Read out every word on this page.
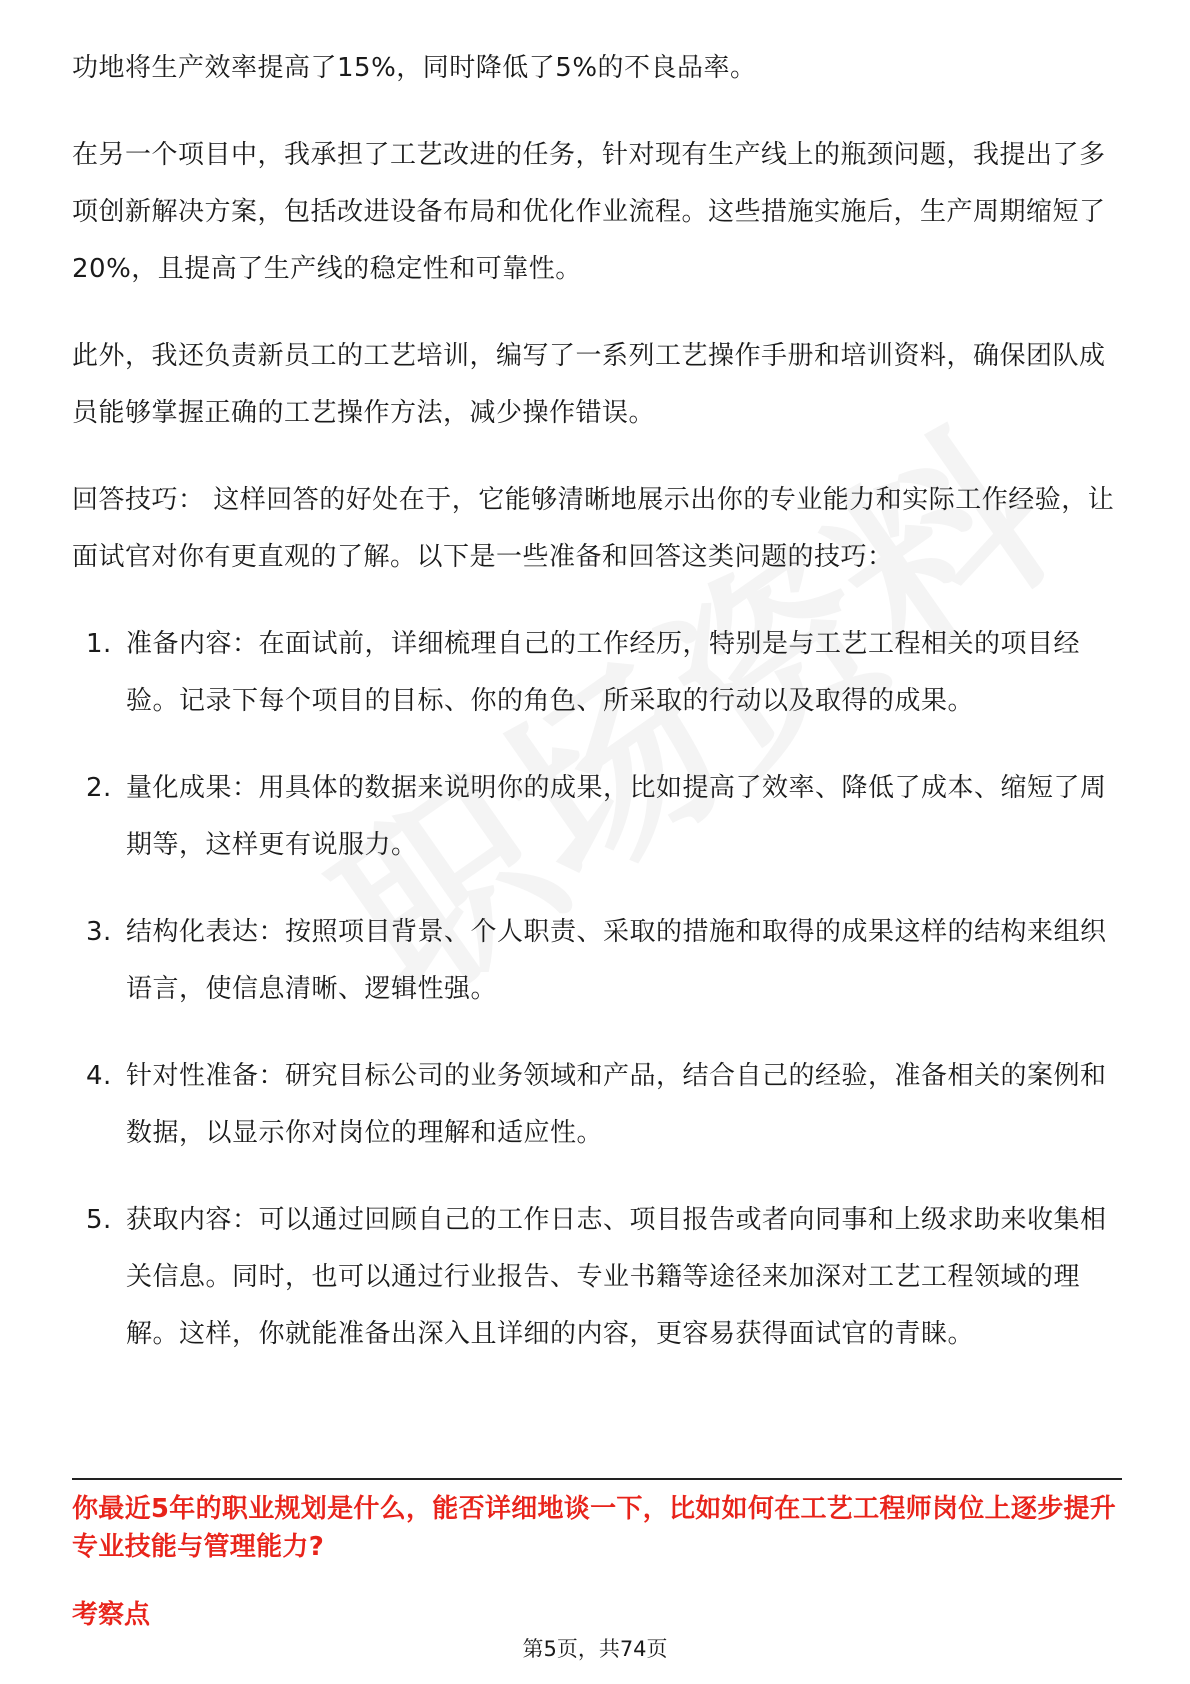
功地将生产效率提高了15%，同时降低了5%的不良品率。

在另一个项目中，我承担了工艺改进的任务，针对现有生产线上的瓶颈问题，我提出了多项创新解决方案，包括改进设备布局和优化作业流程。这些措施实施后，生产周期缩短了20%，且提高了生产线的稳定性和可靠性。

此外，我还负责新员工的工艺培训，编写了一系列工艺操作手册和培训资料，确保团队成员能够掌握正确的工艺操作方法，减少操作错误。

回答技巧： 这样回答的好处在于，它能够清晰地展示出你的专业能力和实际工作经验，让面试官对你有更直观的了解。以下是一些准备和回答这类问题的技巧：

1. 准备内容：在面试前，详细梳理自己的工作经历，特别是与工艺工程相关的项目经验。记录下每个项目的目标、你的角色、所采取的行动以及取得的成果。
2. 量化成果：用具体的数据来说明你的成果，比如提高了效率、降低了成本、缩短了周期等，这样更有说服力。
3. 结构化表达：按照项目背景、个人职责、采取的措施和取得的成果这样的结构来组织语言，使信息清晰、逻辑性强。
4. 针对性准备：研究目标公司的业务领域和产品，结合自己的经验，准备相关的案例和数据，以显示你对岗位的理解和适应性。
5. 获取内容：可以通过回顾自己的工作日志、项目报告或者向同事和上级求助来收集相关信息。同时，也可以通过行业报告、专业书籍等途径来加深对工艺工程领域的理解。这样，你就能准备出深入且详细的内容，更容易获得面试官的青睐。
你最近5年的职业规划是什么，能否详细地谈一下，比如如何在工艺工程师岗位上逐步提升专业技能与管理能力?
考察点
第5页，共74页
